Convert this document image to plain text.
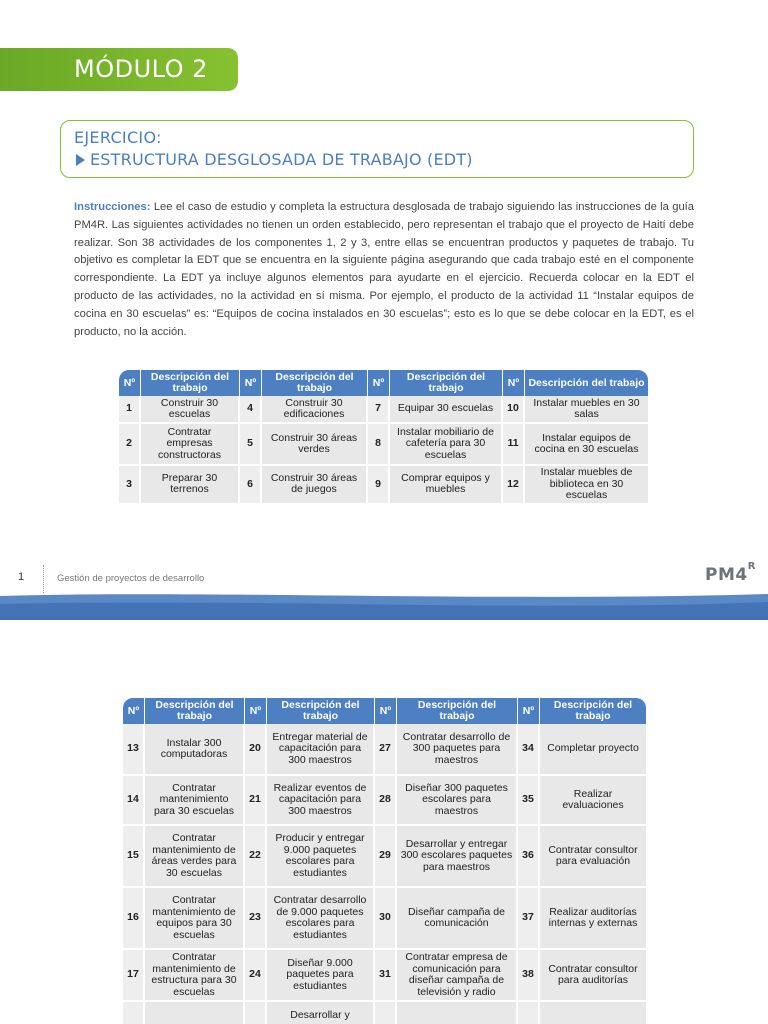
MÓDULO 2
EJERCICIO:
ESTRUCTURA DESGLOSADA DE TRABAJO (EDT)

Instrucciones: Lee el caso de estudio y completa la estructura desglosada de trabajo siguiendo las instrucciones de la guía PM4R. Las siguientes actividades no tienen un orden establecido, pero representan el trabajo que el proyecto de Haití debe realizar. Son 38 actividades de los componentes 1, 2 y 3, entre ellas se encuentran productos y paquetes de trabajo. Tu objetivo es completar la EDT que se encuentra en la siguiente página asegurando que cada trabajo esté en el componente correspondiente. La EDT ya incluye algunos elementos para ayudarte en el ejercicio. Recuerda colocar en la EDT el producto de las actividades, no la actividad en sí misma. Por ejemplo, el producto de la actividad 11 “Instalar equipos de cocina en 30 escuelas” es: “Equipos de cocina instalados en 30 escuelas”; esto es lo que se debe colocar en la EDT, es el producto, no la acción.

Nº	Descripción del trabajo	Nº	Descripción del trabajo	Nº	Descripción del trabajo	Nº	Descripción del trabajo
1	Construir 30 escuelas	4	Construir 30 edificaciones	7	Equipar 30 escuelas	10	Instalar muebles en 30 salas
2	Contratar empresas constructoras	5	Construir 30 áreas verdes	8	Instalar mobiliario de cafetería para 30 escuelas	11	Instalar equipos de cocina en 30 escuelas
3	Preparar 30 terrenos	6	Construir 30 áreas de juegos	9	Comprar equipos y muebles	12	Instalar muebles de biblioteca en 30 escuelas
1	Gestión de proyectos de desarrollo	$PM4^R$
Nº	Descripción del trabajo	Nº	Descripción del trabajo	Nº	Descripción del trabajo	Nº	Descripción del trabajo
13	Instalar 300 computadoras	20	Entregar material de capacitación para 300 maestros	27	Contratar desarrollo de 300 paquetes para maestros	34	Completar proyecto
14	Contratar mantenimiento para 30 escuelas	21	Realizar eventos de capacitación para 300 maestros	28	Diseñar 300 paquetes escolares para maestros	35	Realizar evaluaciones
15	Contratar mantenimiento de áreas verdes para 30 escuelas	22	Producir y entregar 9.000 paquetes escolares para estudiantes	29	Desarrollar y entregar 300 escolares paquetes para maestros	36	Contratar consultor para evaluación
16	Contratar mantenimiento de equipos para 30 escuelas	23	Contratar desarrollo de 9.000 paquetes escolares para estudiantes	30	Diseñar campaña de comunicación	37	Realizar auditorías internas y externas
17	Contratar mantenimiento de estructura para 30 escuelas	24	Diseñar 9.000 paquetes para estudiantes	31	Contratar empresa de comunicación para diseñar campaña de televisión y radio	38	Contratar consultor para auditorías
			Desarrollar y				
